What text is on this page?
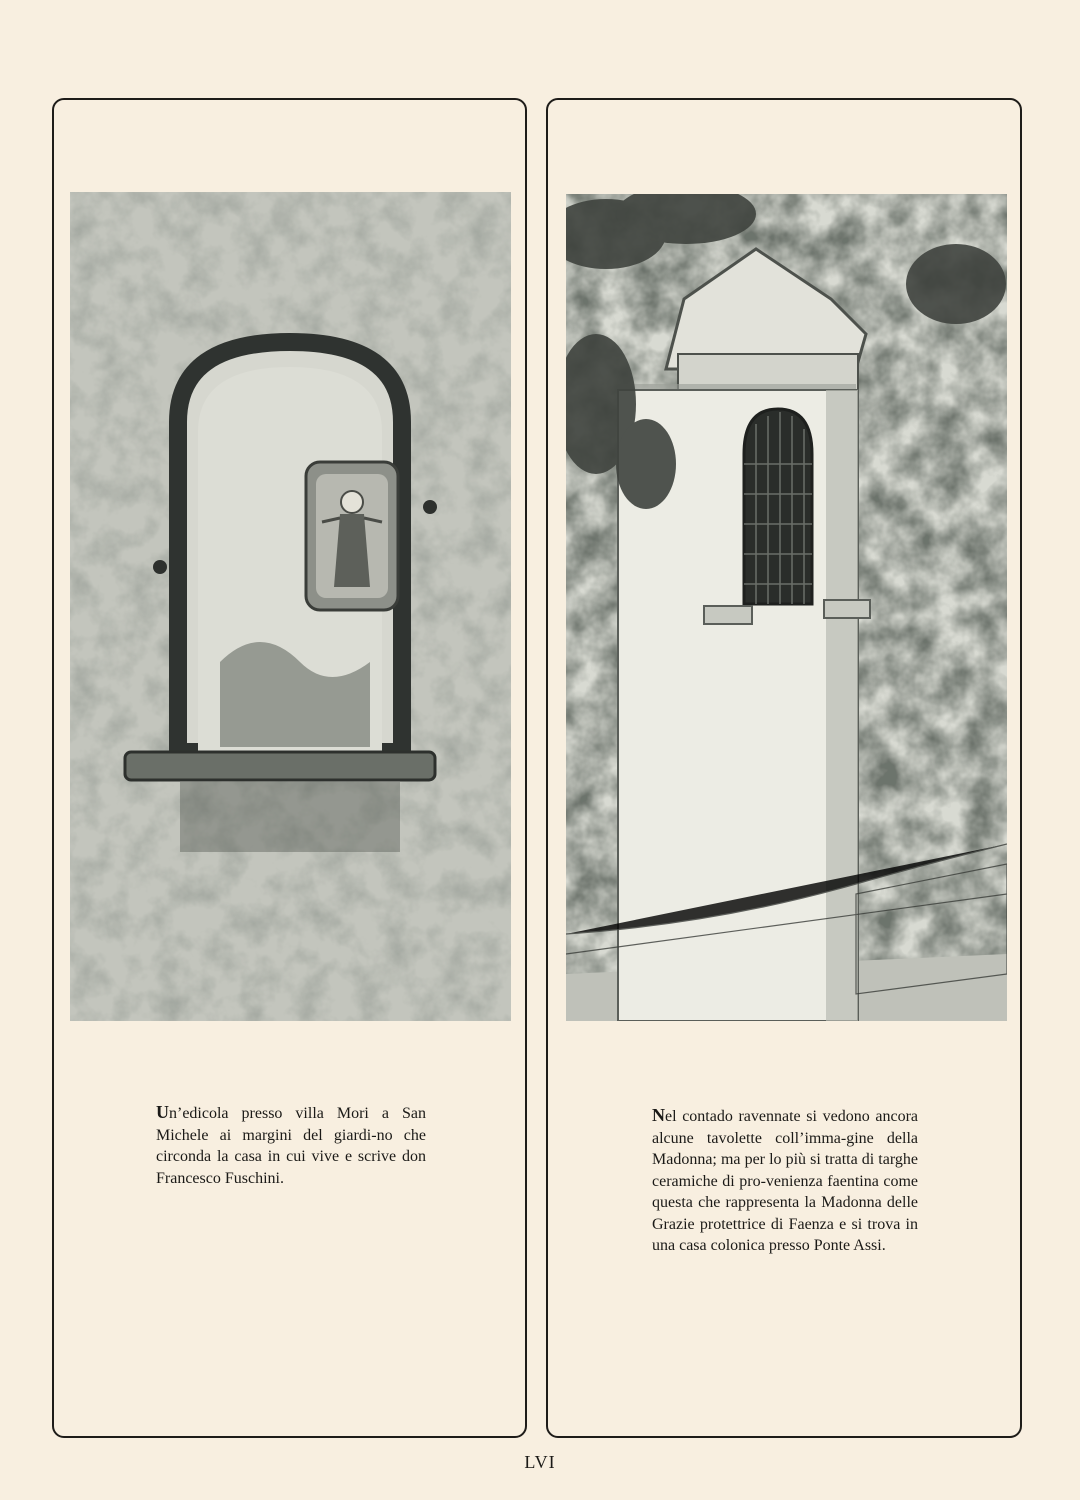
Un’edicola presso villa Mori a San Michele ai margini del giardi-no che circonda la casa in cui vive e scrive don Francesco Fuschini.
Nel contado ravennate si vedono ancora alcune tavolette coll’imma-gine della Madonna; ma per lo più si tratta di targhe ceramiche di pro-venienza faentina come questa che rappresenta la Madonna delle Grazie protettrice di Faenza e si trova in una casa colonica presso Ponte Assi.
LVI
